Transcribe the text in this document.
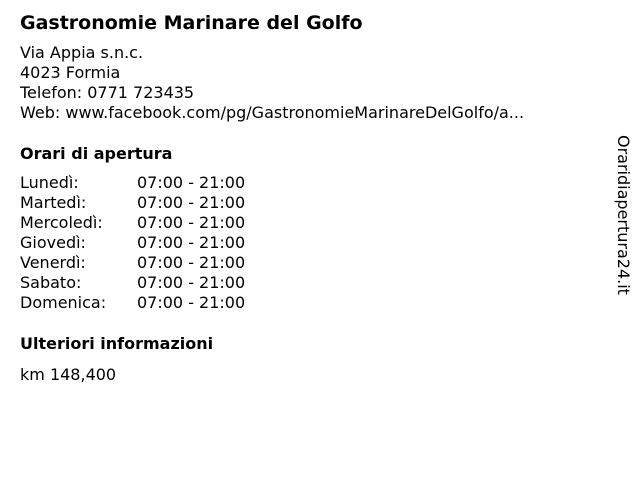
Gastronomie Marinare del Golfo
Via Appia s.n.c.
4023 Formia
Telefon: 0771 723435
Web: www.facebook.com/pg/GastronomieMarinareDelGolfo/a...
Orari di apertura
Lunedì:	07:00 - 21:00
Martedì:	07:00 - 21:00
Mercoledì:	07:00 - 21:00
Giovedì:	07:00 - 21:00
Venerdì:	07:00 - 21:00
Sabato:	07:00 - 21:00
Domenica:	07:00 - 21:00
Ulteriori informazioni
km 148,400
Oraridiapertura24.it
